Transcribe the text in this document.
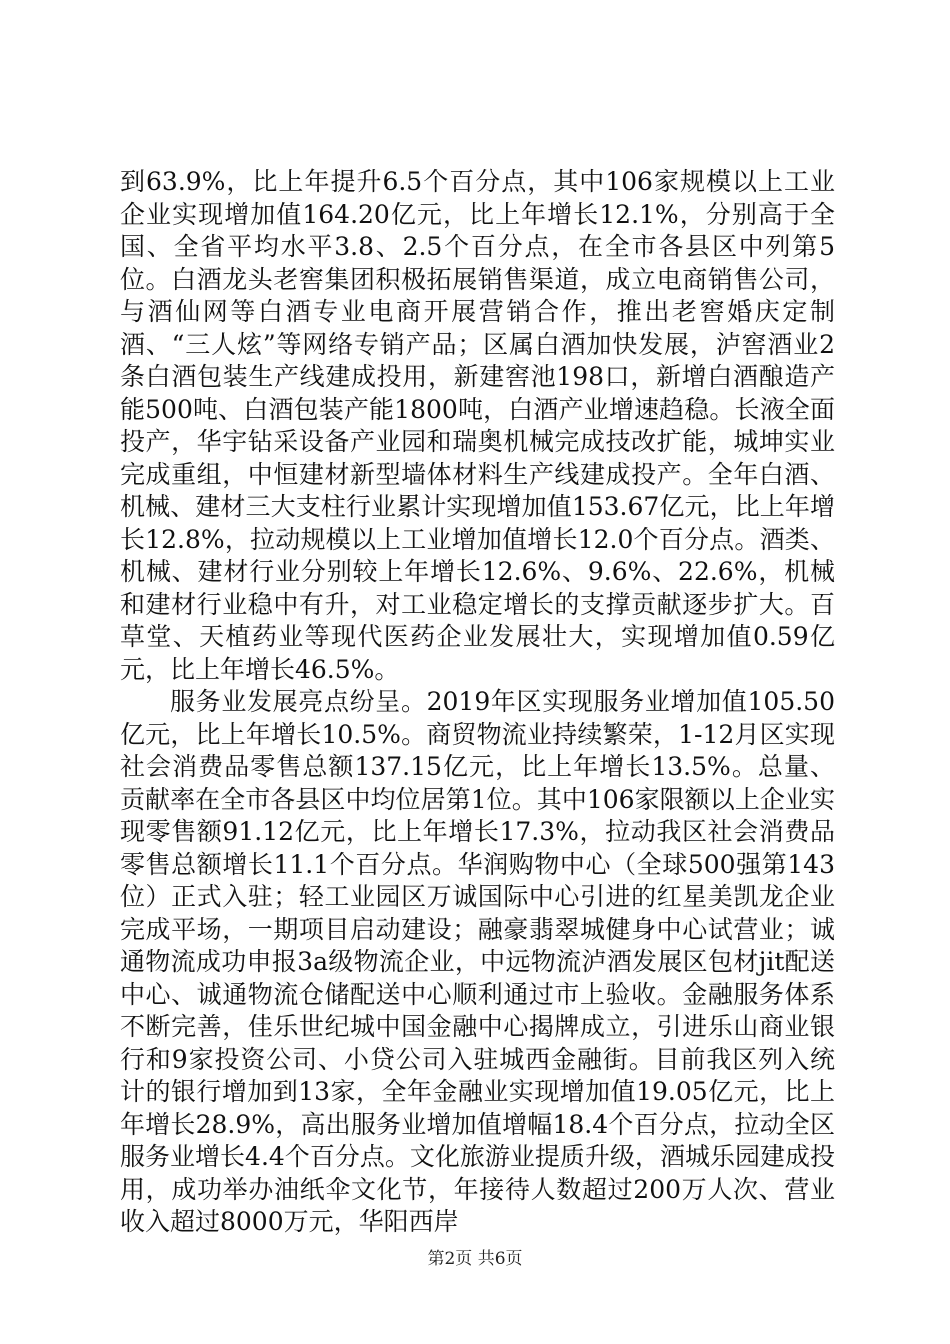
到63.9%，比上年提升6.5个百分点，其中106家规模以上工业企业实现增加值164.20亿元，比上年增长12.1%，分别高于全国、全省平均水平3.8、2.5个百分点，在全市各县区中列第5位。白酒龙头老窖集团积极拓展销售渠道，成立电商销售公司，与酒仙网等白酒专业电商开展营销合作，推出老窖婚庆定制酒、“三人炫”等网络专销产品；区属白酒加快发展，泸窖酒业2条白酒包装生产线建成投用，新建窖池198口，新增白酒酿造产能500吨、白酒包装产能1800吨，白酒产业增速趋稳。长液全面投产，华宇钻采设备产业园和瑞奥机械完成技改扩能，城坤实业完成重组，中恒建材新型墙体材料生产线建成投产。全年白酒、机械、建材三大支柱行业累计实现增加值153.67亿元，比上年增长12.8%，拉动规模以上工业增加值增长12.0个百分点。酒类、机械、建材行业分别较上年增长12.6%、9.6%、22.6%，机械和建材行业稳中有升，对工业稳定增长的支撑贡献逐步扩大。百草堂、天植药业等现代医药企业发展壮大，实现增加值0.59亿元，比上年增长46.5%。

服务业发展亮点纷呈。2019年区实现服务业增加值105.50亿元，比上年增长10.5%。商贸物流业持续繁荣，1-12月区实现社会消费品零售总额137.15亿元，比上年增长13.5%。总量、贡献率在全市各县区中均位居第1位。其中106家限额以上企业实现零售额91.12亿元，比上年增长17.3%，拉动我区社会消费品零售总额增长11.1个百分点。华润购物中心（全球500强第143位）正式入驻；轻工业园区万诚国际中心引进的红星美凯龙企业完成平场，一期项目启动建设；融豪翡翠城健身中心试营业；诚通物流成功申报3a级物流企业，中远物流泸酒发展区包材jit配送中心、诚通物流仓储配送中心顺利通过市上验收。金融服务体系不断完善，佳乐世纪城中国金融中心揭牌成立，引进乐山商业银行和9家投资公司、小贷公司入驻城西金融街。目前我区列入统计的银行增加到13家，全年金融业实现增加值19.05亿元，比上年增长28.9%，高出服务业增加值增幅18.4个百分点，拉动全区服务业增长4.4个百分点。文化旅游业提质升级，酒城乐园建成投用，成功举办油纸伞文化节，年接待人数超过200万人次、营业收入超过8000万元，华阳西岸

第2页 共6页
